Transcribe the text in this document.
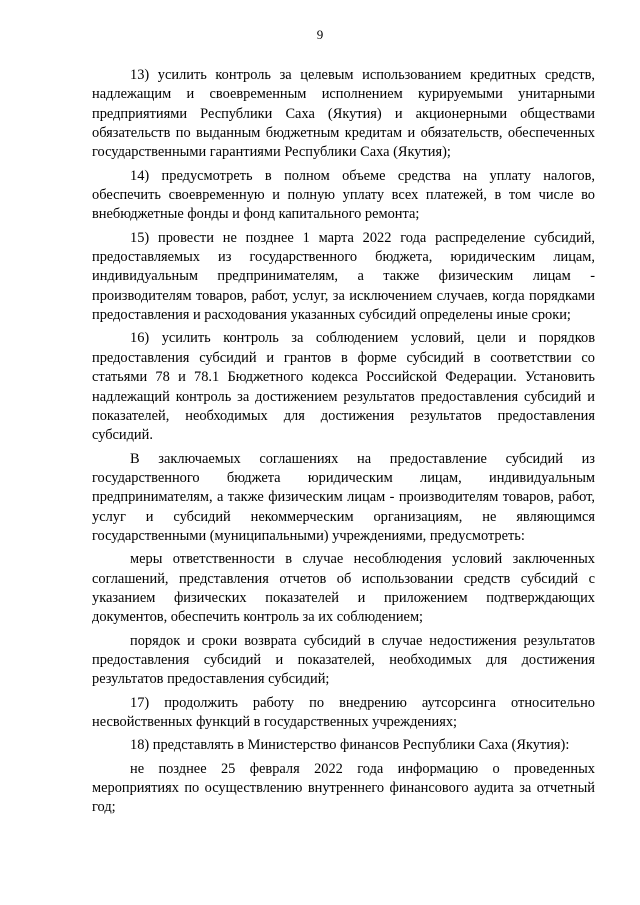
9

13) усилить контроль за целевым использованием кредитных средств, надлежащим и своевременным исполнением курируемыми унитарными предприятиями Республики Саха (Якутия) и акционерными обществами обязательств по выданным бюджетным кредитам и обязательств, обеспеченных государственными гарантиями Республики Саха (Якутия);

14) предусмотреть в полном объеме средства на уплату налогов, обеспечить своевременную и полную уплату всех платежей, в том числе во внебюджетные фонды и фонд капитального ремонта;

15) провести не позднее 1 марта 2022 года распределение субсидий, предоставляемых из государственного бюджета, юридическим лицам, индивидуальным предпринимателям, а также физическим лицам - производителям товаров, работ, услуг, за исключением случаев, когда порядками предоставления и расходования указанных субсидий определены иные сроки;

16) усилить контроль за соблюдением условий, цели и порядков предоставления субсидий и грантов в форме субсидий в соответствии со статьями 78 и 78.1 Бюджетного кодекса Российской Федерации. Установить надлежащий контроль за достижением результатов предоставления субсидий и показателей, необходимых для достижения результатов предоставления субсидий.

В заключаемых соглашениях на предоставление субсидий из государственного бюджета юридическим лицам, индивидуальным предпринимателям, а также физическим лицам - производителям товаров, работ, услуг и субсидий некоммерческим организациям, не являющимся государственными (муниципальными) учреждениями, предусмотреть:

меры ответственности в случае несоблюдения условий заключенных соглашений, представления отчетов об использовании средств субсидий с указанием физических показателей и приложением подтверждающих документов, обеспечить контроль за их соблюдением;

порядок и сроки возврата субсидий в случае недостижения результатов предоставления субсидий и показателей, необходимых для достижения результатов предоставления субсидий;

17) продолжить работу по внедрению аутсорсинга относительно несвойственных функций в государственных учреждениях;

18) представлять в Министерство финансов Республики Саха (Якутия):

не позднее 25 февраля 2022 года информацию о проведенных мероприятиях по осуществлению внутреннего финансового аудита за отчетный год;
